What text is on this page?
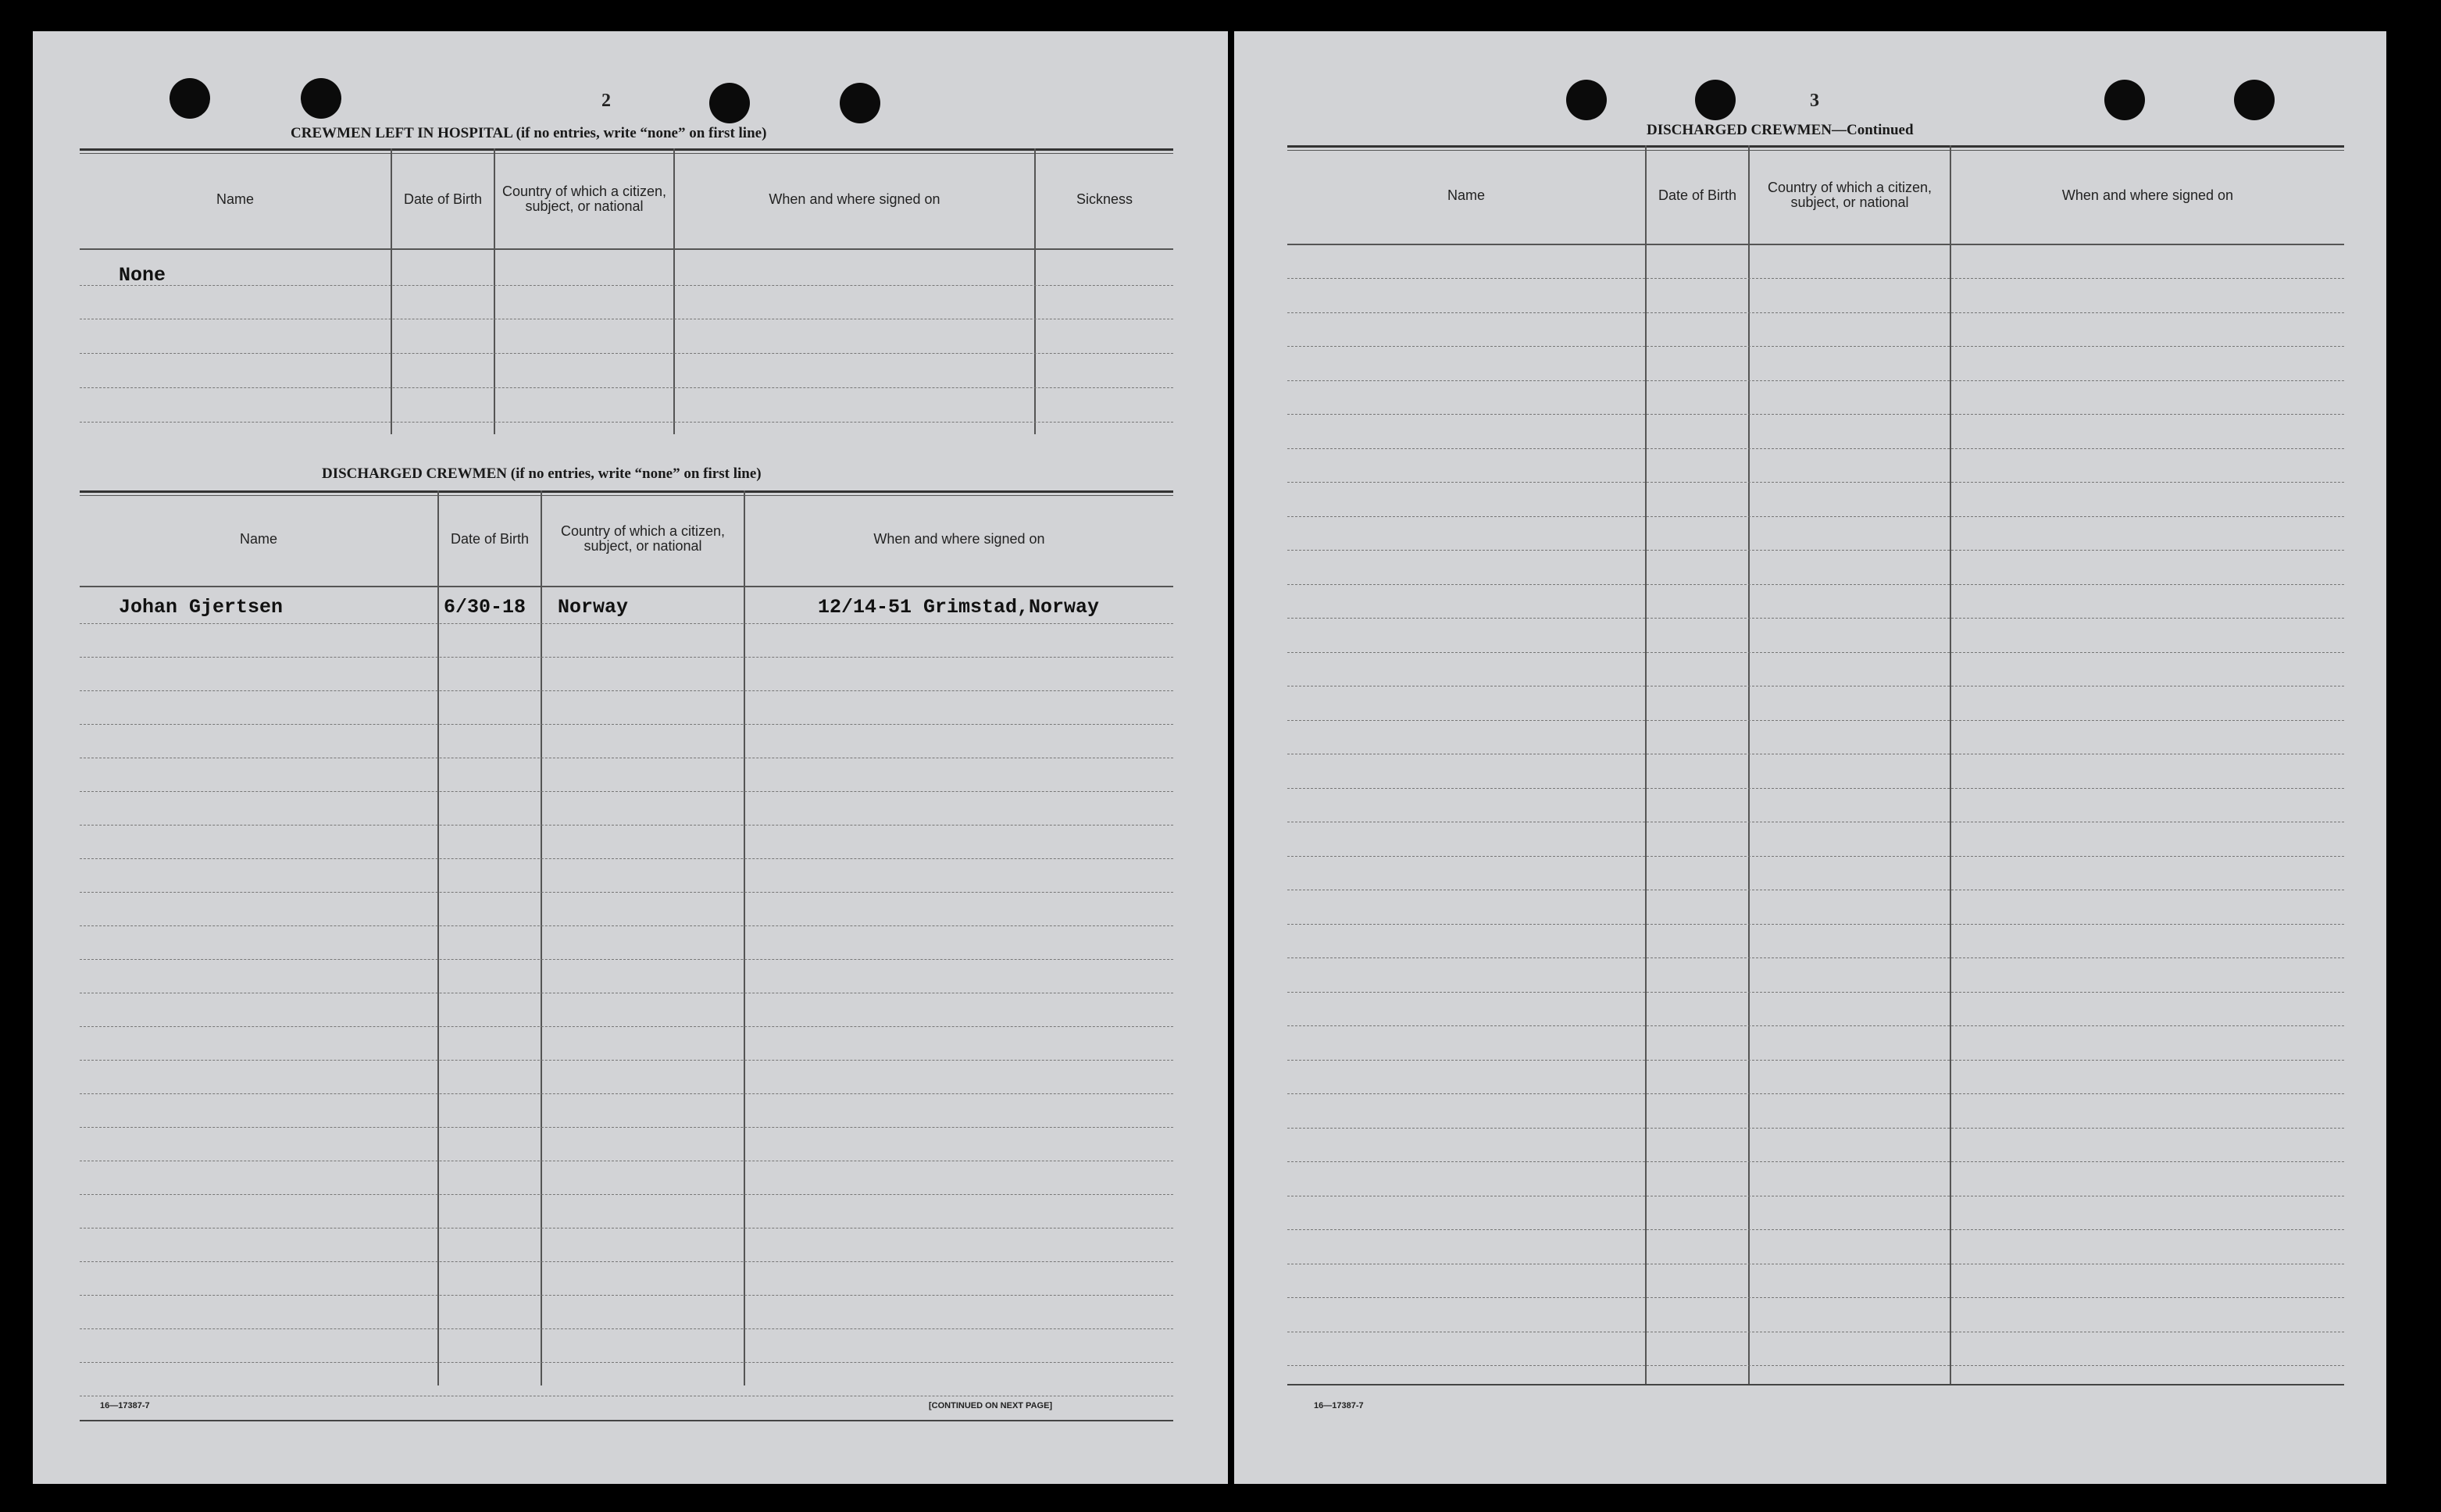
2
CREWMEN LEFT IN HOSPITAL (if no entries, write “none” on first line)
Name	Date of Birth	Country of which a citizen, subject, or national	When and where signed on	Sickness
None
DISCHARGED CREWMEN (if no entries, write “none” on first line)
Name	Date of Birth	Country of which a citizen, subject, or national	When and where signed on
Johan Gjertsen	6/30-18 Norway	12/14-51 Grimstad,Norway
16—17387-7	[CONTINUED ON NEXT PAGE]
3
DISCHARGED CREWMEN—Continued
Name	Date of Birth	Country of which a citizen, subject, or national	When and where signed on
16—17387-7
